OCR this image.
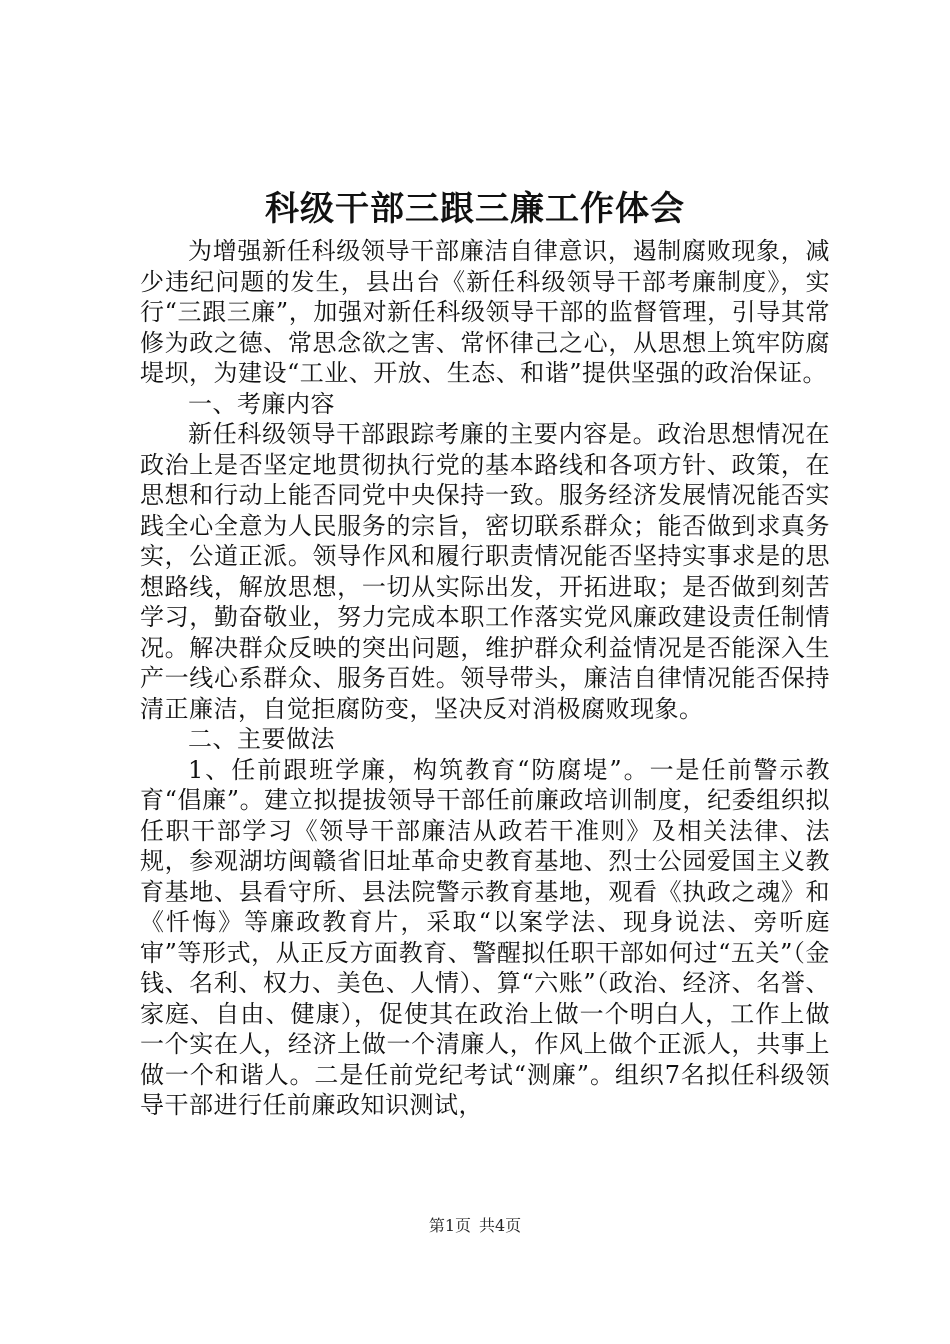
科级干部三跟三廉工作体会

为增强新任科级领导干部廉洁自律意识，遏制腐败现象，减少违纪问题的发生，县出台《新任科级领导干部考廉制度》，实行“三跟三廉”，加强对新任科级领导干部的监督管理，引导其常修为政之德、常思念欲之害、常怀律己之心，从思想上筑牢防腐堤坝，为建设“工业、开放、生态、和谐”提供坚强的政治保证。

一、考廉内容

新任科级领导干部跟踪考廉的主要内容是。政治思想情况在政治上是否坚定地贯彻执行党的基本路线和各项方针、政策，在思想和行动上能否同党中央保持一致。服务经济发展情况能否实践全心全意为人民服务的宗旨，密切联系群众；能否做到求真务实，公道正派。领导作风和履行职责情况能否坚持实事求是的思想路线，解放思想，一切从实际出发，开拓进取；是否做到刻苦学习，勤奋敬业，努力完成本职工作落实党风廉政建设责任制情况。解决群众反映的突出问题，维护群众利益情况是否能深入生产一线心系群众、服务百姓。领导带头，廉洁自律情况能否保持清正廉洁，自觉拒腐防变，坚决反对消极腐败现象。

二、主要做法

1、任前跟班学廉，构筑教育“防腐堤”。一是任前警示教育“倡廉”。建立拟提拔领导干部任前廉政培训制度，纪委组织拟任职干部学习《领导干部廉洁从政若干准则》及相关法律、法规，参观湖坊闽赣省旧址革命史教育基地、烈士公园爱国主义教育基地、县看守所、县法院警示教育基地，观看《执政之魂》和《忏悔》等廉政教育片，采取“以案学法、现身说法、旁听庭审”等形式，从正反方面教育、警醒拟任职干部如何过“五关”（金钱、名利、权力、美色、人情）、算“六账”（政治、经济、名誉、家庭、自由、健康），促使其在政治上做一个明白人，工作上做一个实在人，经济上做一个清廉人，作风上做个正派人，共事上做一个和谐人。二是任前党纪考试“测廉”。组织7名拟任科级领导干部进行任前廉政知识测试，

第1页 共4页
